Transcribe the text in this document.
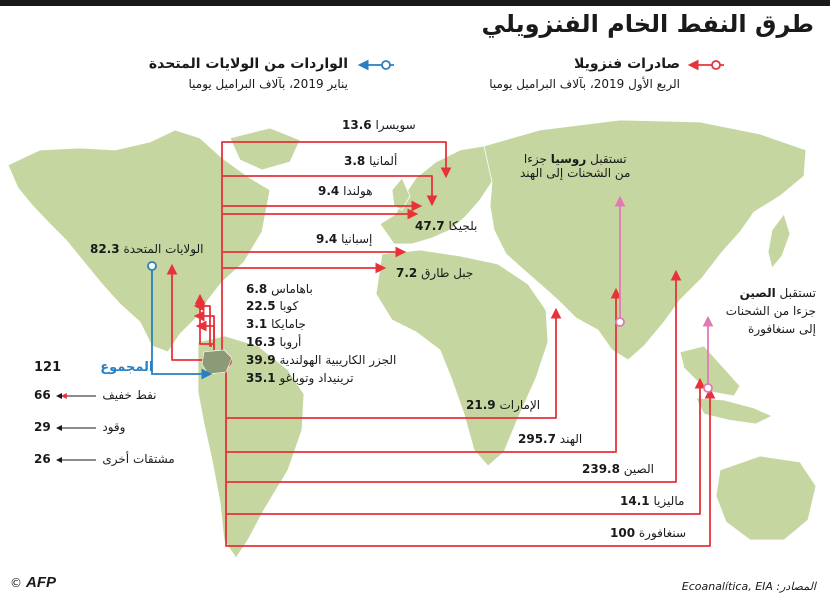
طرق النفط الخام الفنزويلي
صادرات فنزويلا
الربع الأول 2019، بآلاف البراميل يوميا
الواردات من الولايات المتحدة
يناير 2019، بآلاف البراميل يوميا
سويسرا 13.6
ألمانيا 3.8
هولندا 9.4
بلجيكا 47.7
إسبانيا 9.4
جبل طارق 7.2
باهاماس 6.8
كوبا 22.5
جامايكا 3.1
أروبا 16.3
الجزر الكاريبية الهولندية 39.9
ترينيداد وتوباغو 35.1
الإمارات 21.9
الهند 295.7
الصين 239.8
ماليزيا 14.1
سنغافورة 100
الولايات المتحدة 82.3
المجموع  121
نفط خفيف  66
وقود  29
مشتقات أخرى  26
تستقبل روسيا جزءا
من الشحنات إلى الهند
تستقبل الصين
جزءا من الشحنات
إلى سنغافورة
© AFP	المصادر: Ecoanalítica, EIA
